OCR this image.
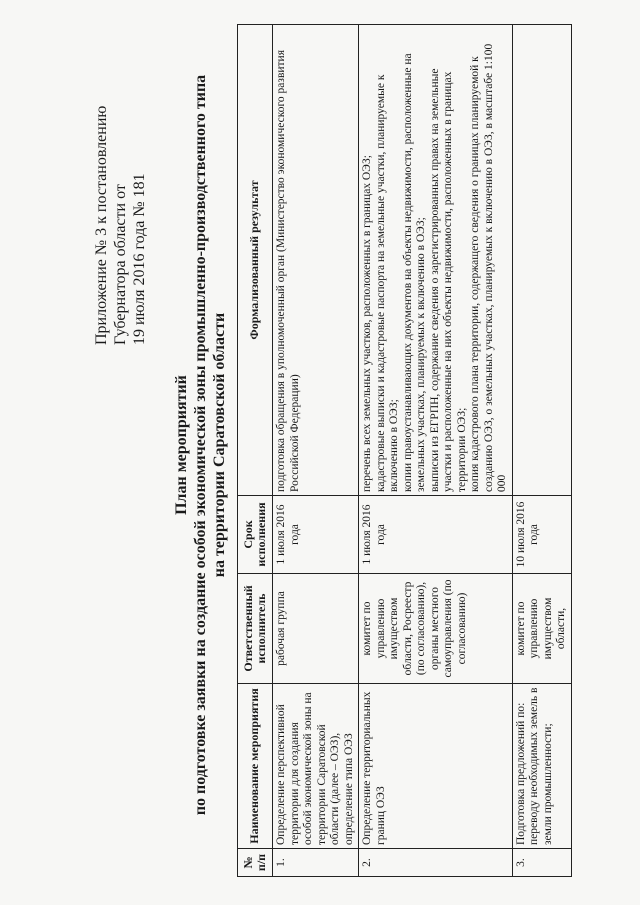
Приложение № 3 к постановлению Губернатора области от 19 июля 2016 года № 181
План мероприятий по подготовке заявки на создание особой экономической зоны промышленно-производственного типа на территории Саратовской области
№ п/п	Наименование мероприятия	Ответственный исполнитель	Срок исполнения	Формализованный результат
1.	Определение перспективной территории для создания особой экономической зоны на территории Саратовской области (далее – ОЭЗ), определение типа ОЭЗ	рабочая группа	1 июля 2016 года	подготовка обращения в уполномоченный орган (Министерство экономического развития Российской Федерации)
2.	Определение территориальных границ ОЭЗ	комитет по управлению имуществом области, Росреестр (по согласованию), органы местного самоуправления (по согласованию)	1 июля 2016 года	перечень всех земельных участков, расположенных в границах ОЭЗ; кадастровые выписки и кадастровые паспорта на земельные участки, планируемые к включению в ОЭЗ; копии правоустанавливающих документов на объекты недвижимости, расположенные на земельных участках, планируемых к включению в ОЭЗ; выписки из ЕГРПН, содержание сведения о зарегистрированных правах на земельные участки и расположенные на них объекты недвижимости, расположенных в границах территории ОЭЗ; копия кадастрового плана территории, содержащего сведения о границах планируемой к созданию ОЭЗ, о земельных участках, планируемых к включению в ОЭЗ, в масштабе 1:100 000

3.	Подготовка предложений по: переводу необходимых земель в земли промышленности;	комитет по управлению имуществом области,	10 июля 2016 года	
